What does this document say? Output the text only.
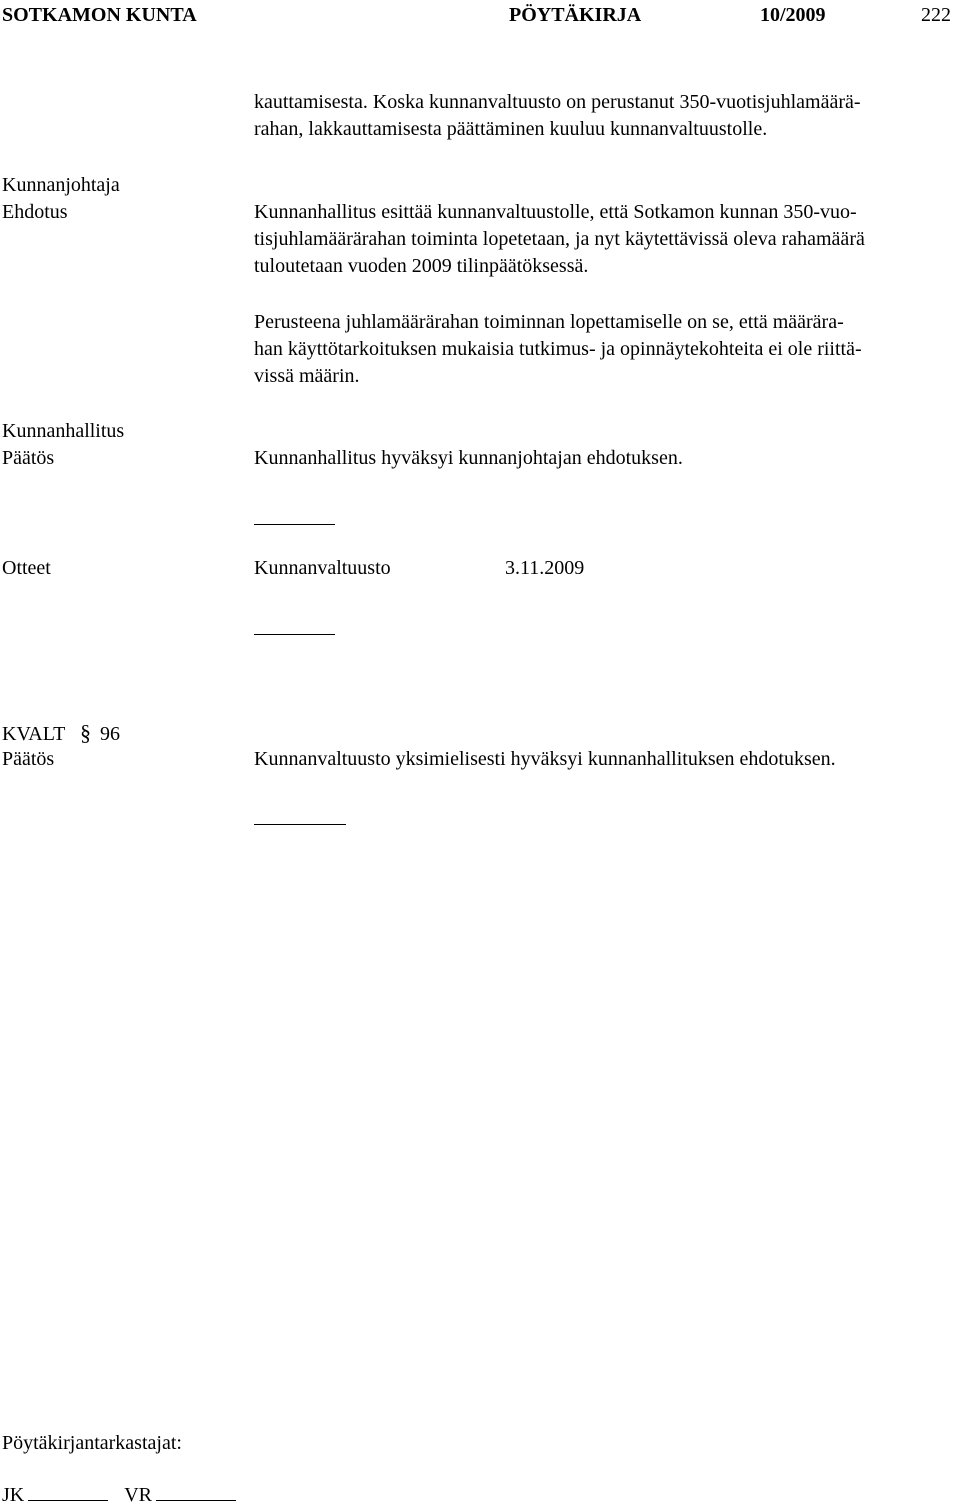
SOTKAMON KUNTA	PÖYTÄKIRJA	10/2009	222
kauttamisesta. Koska kunnanvaltuusto on perustanut 350-vuotisjuhlamäärä-
rahan, lakkauttamisesta päättäminen kuuluu kunnanvaltuustolle.
Kunnanjohtaja
Ehdotus	Kunnanhallitus esittää kunnanvaltuustolle, että Sotkamon kunnan 350-vuo-
tisjuhlamäärärahan toiminta lopetetaan, ja nyt käytettävissä oleva rahamäärä
tuloutetaan vuoden 2009 tilinpäätöksessä.
Perusteena juhlamäärärahan toiminnan lopettamiselle on se, että määrära-
han käyttötarkoituksen mukaisia tutkimus- ja opinnäytekohteita ei ole riittä-
vissä määrin.
Kunnanhallitus
Päätös	Kunnanhallitus hyväksyi kunnanjohtajan ehdotuksen.
Otteet	Kunnanvaltuusto	3.11.2009
KVALT § 96
Päätös	Kunnanvaltuusto yksimielisesti hyväksyi kunnanhallituksen ehdotuksen.
Pöytäkirjantarkastajat:
JK	VR
